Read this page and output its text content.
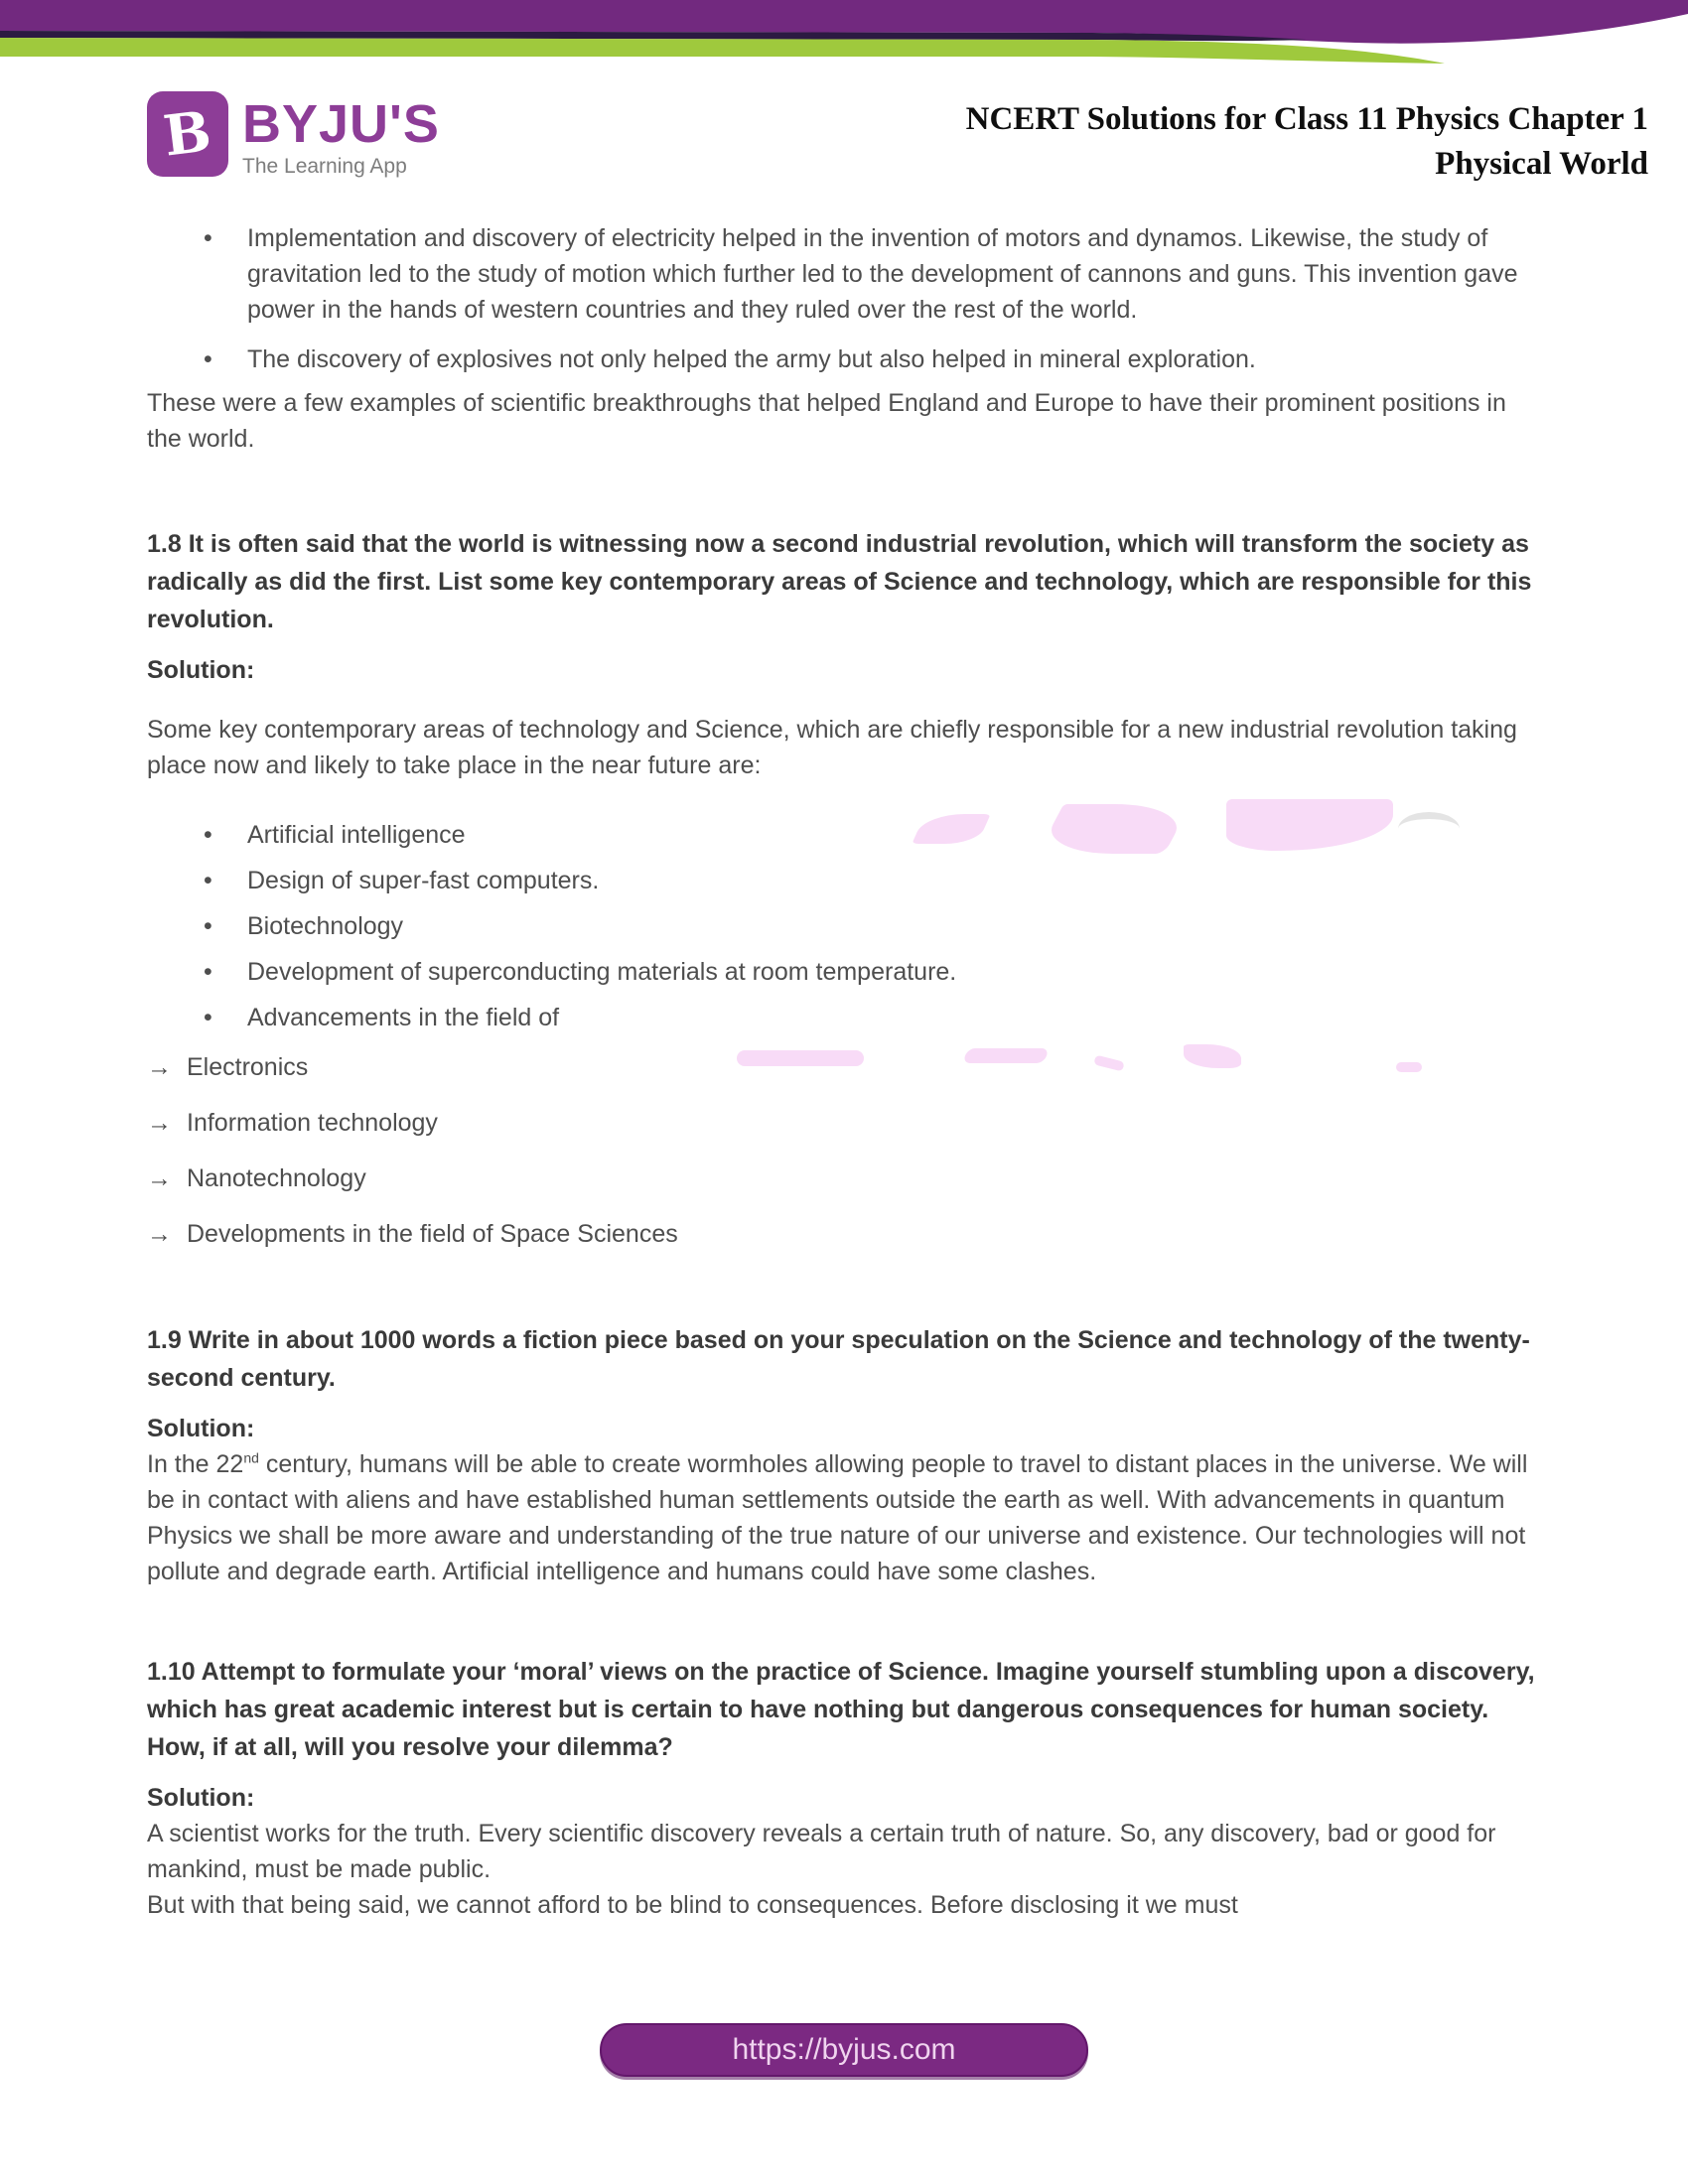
B BYJU'S
The Learning App
NCERT Solutions for Class 11 Physics Chapter 1
Physical World
• Implementation and discovery of electricity helped in the invention of motors and dynamos. Likewise, the study of gravitation led to the study of motion which further led to the development of cannons and guns. This invention gave power in the hands of western countries and they ruled over the rest of the world.
• The discovery of explosives not only helped the army but also helped in mineral exploration.

These were a few examples of scientific breakthroughs that helped England and Europe to have their prominent positions in the world.

1.8 It is often said that the world is witnessing now a second industrial revolution, which will transform the society as radically as did the first. List some key contemporary areas of Science and technology, which are responsible for this revolution.

Solution:

Some key contemporary areas of technology and Science, which are chiefly responsible for a new industrial revolution taking place now and likely to take place in the near future are:

• Artificial intelligence
• Design of super-fast computers.
• Biotechnology
• Development of superconducting materials at room temperature.
• Advancements in the field of
→ Electronics
→ Information technology
→ Nanotechnology
→ Developments in the field of Space Sciences

1.9 Write in about 1000 words a fiction piece based on your speculation on the Science and technology of the twenty-second century.

Solution:

In the 22nd century, humans will be able to create wormholes allowing people to travel to distant places in the universe. We will be in contact with aliens and have established human settlements outside the earth as well. With advancements in quantum Physics we shall be more aware and understanding of the true nature of our universe and existence. Our technologies will not pollute and degrade earth. Artificial intelligence and humans could have some clashes.

1.10 Attempt to formulate your ‘moral’ views on the practice of Science. Imagine yourself stumbling upon a discovery, which has great academic interest but is certain to have nothing but dangerous consequences for human society. How, if at all, will you resolve your dilemma?

Solution:

A scientist works for the truth. Every scientific discovery reveals a certain truth of nature. So, any discovery, bad or good for mankind, must be made public.

But with that being said, we cannot afford to be blind to consequences. Before disclosing it we must

https://byjus.com
